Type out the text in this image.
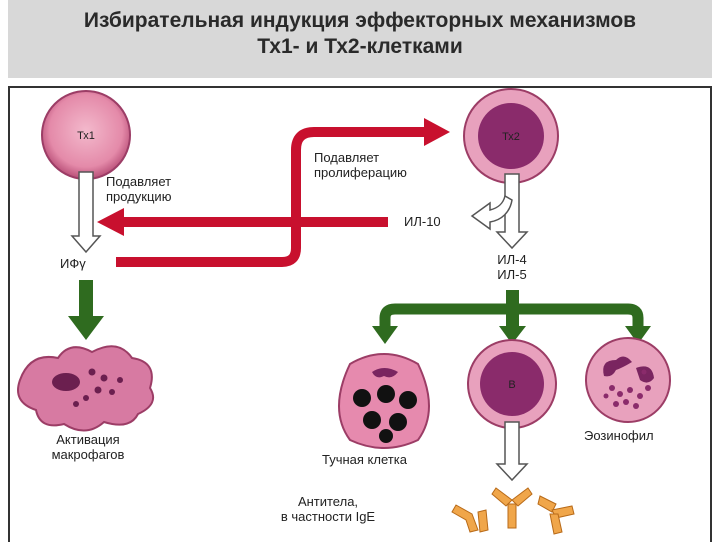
Избирательная индукция эффекторных механизмов
Тх1- и Тх2-клетками
Тх1	Тх2
В
Подавляет
продукцию
Подавляет
пролиферацию
ИЛ-10
ИФγ	ИЛ-4
ИЛ-5
Активация
макрофагов	Тучная клетка
Эозинофил
Антитела,
в частности IgE
